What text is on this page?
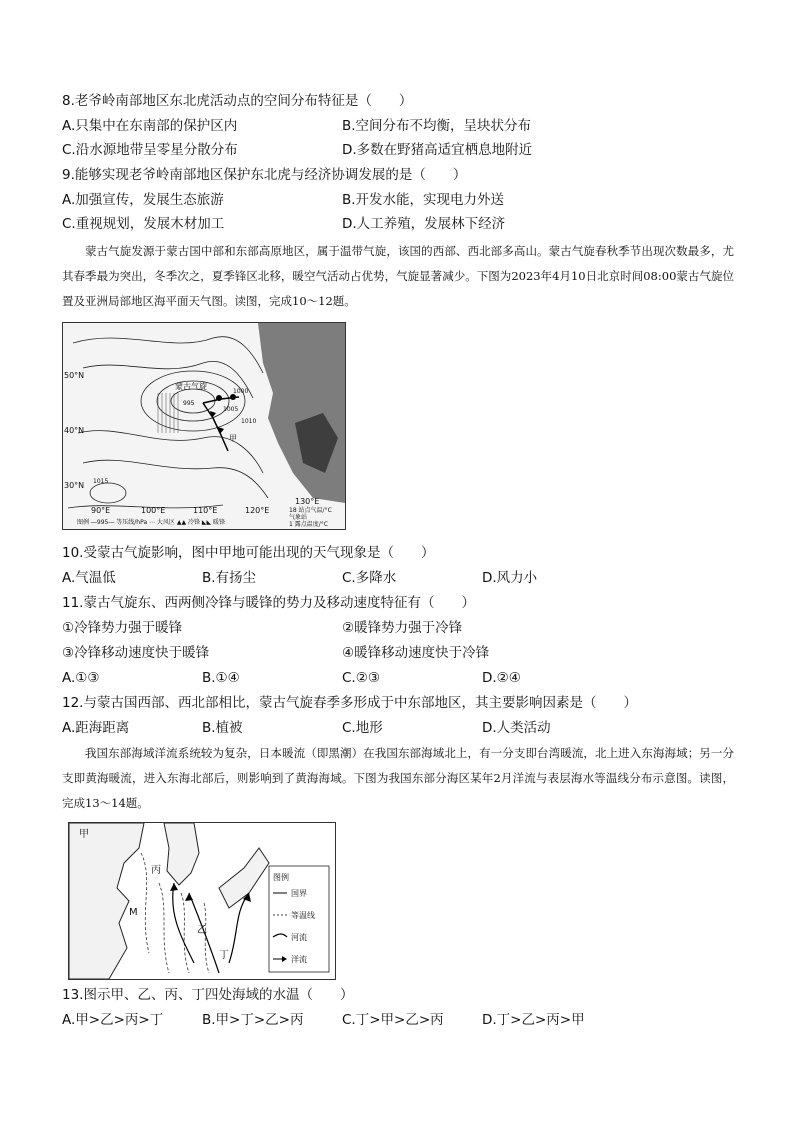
8.老爷岭南部地区东北虎活动点的空间分布特征是（　　）
A.只集中在东南部的保护区内	B.空间分布不均衡，呈块状分布
C.沿水源地带呈零星分散分布	D.多数在野猪高适宜栖息地附近
9.能够实现老爷岭南部地区保护东北虎与经济协调发展的是（　　）
A.加强宣传，发展生态旅游	B.开发水能，实现电力外送
C.重视规划，发展木材加工	D.人工养殖，发展林下经济
蒙古气旋发源于蒙古国中部和东部高原地区，属于温带气旋，该国的西部、西北部多高山。蒙古气旋春秋季节出现次数最多，尤其春季最为突出，冬季次之，夏季锋区北移，暖空气活动占优势，气旋显著减少。下图为2023年4月10日北京时间08:00蒙古气旋位置及亚洲局部地区海平面天气图。读图，完成10～12题。
50°N
40°N
30°N
90°E	100°E	110°E	120°E
130°E
蒙古气旋
甲
1005
1010
995
1000
1015
图例 ―995― 等压线/hPa ⋯ 大风区 ▲▲ 冷锋 ◣◣ 暖锋
18 站点气温/°C
气象站
1 露点温度/°C
10.受蒙古气旋影响，图中甲地可能出现的天气现象是（　　）
A.气温低	B.有扬尘	C.多降水	D.风力小
11.蒙古气旋东、西两侧冷锋与暖锋的势力及移动速度特征有（　　）
①冷锋势力强于暖锋	②暖锋势力强于冷锋
③冷锋移动速度快于暖锋	④暖锋移动速度快于冷锋
A.①③	B.①④	C.②③	D.②④
12.与蒙古国西部、西北部相比，蒙古气旋春季多形成于中东部地区，其主要影响因素是（　　）
A.距海距离	B.植被	C.地形	D.人类活动
我国东部海域洋流系统较为复杂，日本暖流（即黑潮）在我国东部海域北上，有一分支即台湾暖流，北上进入东海海域；另一分支即黄海暖流，进入东海北部后，则影响到了黄海海域。下图为我国东部分海区某年2月洋流与表层海水等温线分布示意图。读图，完成13～14题。
甲
丙
乙
丁
M
图例
国界
等温线
河流
洋流
13.图示甲、乙、丙、丁四处海域的水温（　　）
A.甲>乙>丙>丁	B.甲>丁>乙>丙	C.丁>甲>乙>丙	D.丁>乙>丙>甲
